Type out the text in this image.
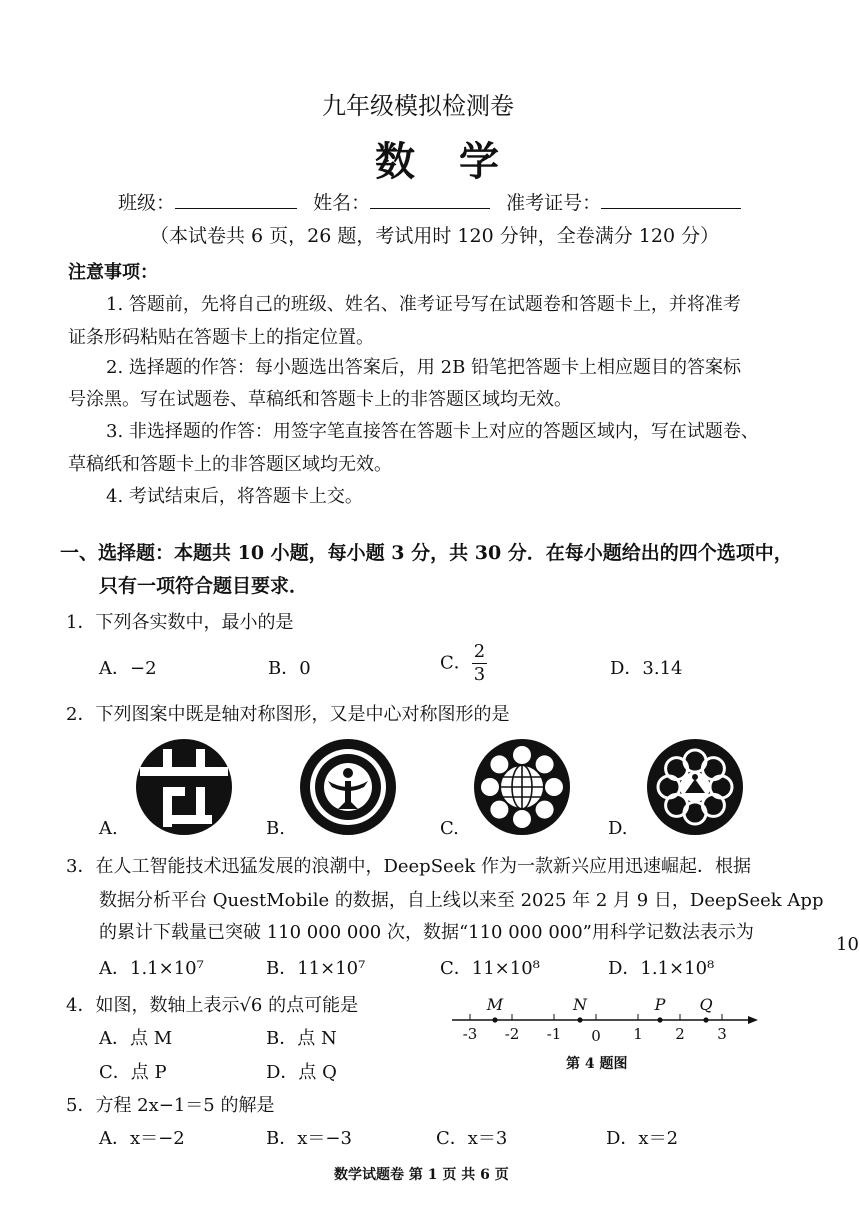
九年级模拟检测卷
数学
班级：	姓名：	准考证号：
（本试卷共 6 页，26 题，考试用时 120 分钟，全卷满分 120 分）
注意事项：
1. 答题前，先将自己的班级、姓名、准考证号写在试题卷和答题卡上，并将准考
证条形码粘贴在答题卡上的指定位置。
2. 选择题的作答：每小题选出答案后，用 2B 铅笔把答题卡上相应题目的答案标
号涂黑。写在试题卷、草稿纸和答题卡上的非答题区域均无效。
3. 非选择题的作答：用签字笔直接答在答题卡上对应的答题区域内，写在试题卷、
草稿纸和答题卡上的非答题区域均无效。
4. 考试结束后，将答题卡上交。
一、选择题：本题共 10 小题，每小题 3 分，共 30 分．在每小题给出的四个选项中，
只有一项符合题目要求．
1．下列各实数中，最小的是
A．−2	B．0	C． $\frac{2}{3}$	D．3.14
2．下列图案中既是轴对称图形，又是中心对称图形的是
A.	B.	C.	D.
3．在人工智能技术迅猛发展的浪潮中，DeepSeek 作为一款新兴应用迅速崛起．根据
数据分析平台 QuestMobile 的数据，自上线以来至 2025 年 2 月 9 日，DeepSeek App
的累计下载量已突破 110 000 000 次，数据“110 000 000”用科学记数法表示为
A．1.1×10⁷	B．11×10⁷	C．11×10⁸	D．1.1×10⁸
4．如图，数轴上表示√6 的点可能是
A．点 M	B．点 N
C．点 P	D．点 Q
-3 -2 -1 0 1 2 3
M	N	P Q
第 4 题图
5．方程 2x−1＝5 的解是
A．x＝−2	B．x＝−3	C．x＝3	D．x＝2
数学试题卷 第 1 页 共 6 页
10
